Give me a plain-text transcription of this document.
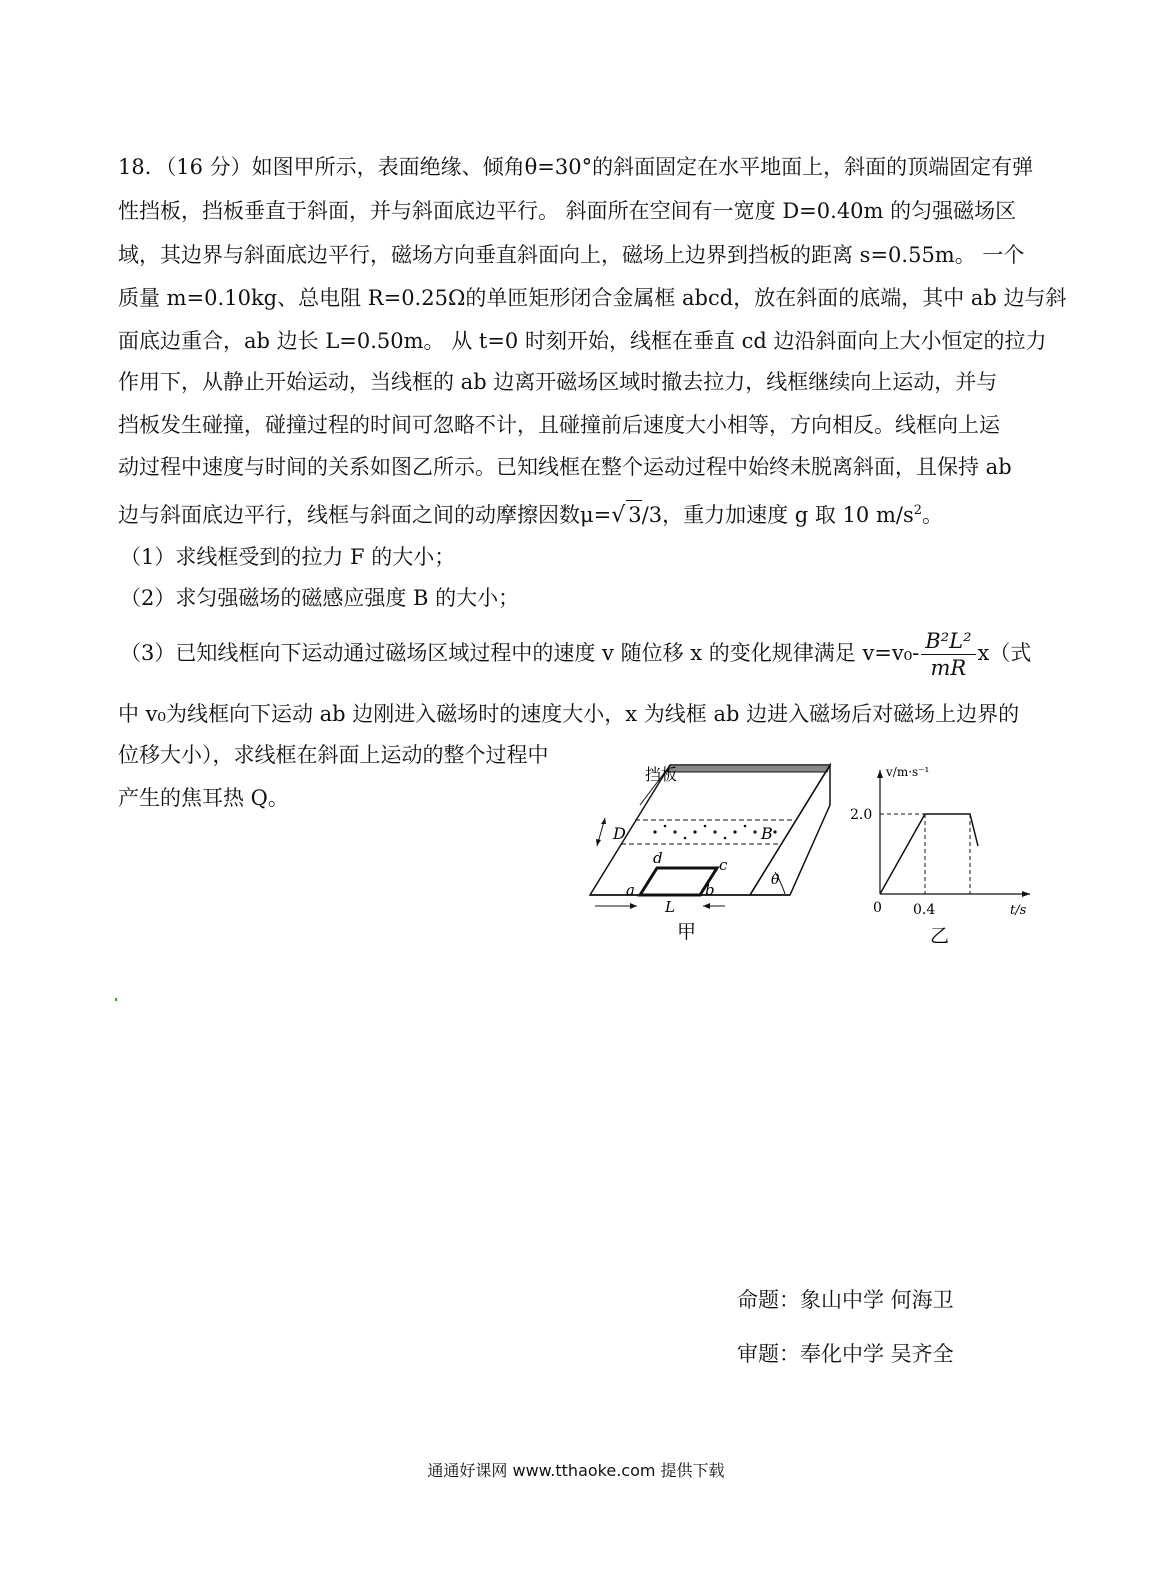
18．（16 分）如图甲所示，表面绝缘、倾角θ=30°的斜面固定在水平地面上，斜面的顶端固定有弹
性挡板，挡板垂直于斜面，并与斜面底边平行。 斜面所在空间有一宽度 D=0.40m 的匀强磁场区
域，其边界与斜面底边平行，磁场方向垂直斜面向上，磁场上边界到挡板的距离 s=0.55m。 一个
质量 m=0.10kg、总电阻 R=0.25Ω的单匝矩形闭合金属框 abcd，放在斜面的底端，其中 ab 边与斜
面底边重合，ab 边长 L=0.50m。 从 t=0 时刻开始，线框在垂直 cd 边沿斜面向上大小恒定的拉力
作用下，从静止开始运动，当线框的 ab 边离开磁场区域时撤去拉力，线框继续向上运动，并与
挡板发生碰撞，碰撞过程的时间可忽略不计，且碰撞前后速度大小相等，方向相反。线框向上运
动过程中速度与时间的关系如图乙所示。已知线框在整个运动过程中始终未脱离斜面，且保持 ab
边与斜面底边平行，线框与斜面之间的动摩擦因数μ=√ 3/3，重力加速度 g 取 10 $m/s^2$。
（1）求线框受到的拉力 F 的大小；
（2）求匀强磁场的磁感应强度 B 的大小；
（3）已知线框向下运动通过磁场区域过程中的速度 v 随位移 x 的变化规律满足 $v=v_0- \frac{\text{B²L²}}{mR} x$（式
中 v₀为线框向下运动 ab 边刚进入磁场时的速度大小，x 为线框 ab 边进入磁场后对磁场上边界的
位移大小），求线框在斜面上运动的整个过程中
产生的焦耳热 Q。
挡板
D	B
a	b
c
d
L
θ
甲
v/m·s⁻¹
t/s
0
2.0
0.4
乙
命题：象山中学 何海卫
审题：奉化中学 吴齐全
通通好课网 www.tthaoke.com 提供下载
